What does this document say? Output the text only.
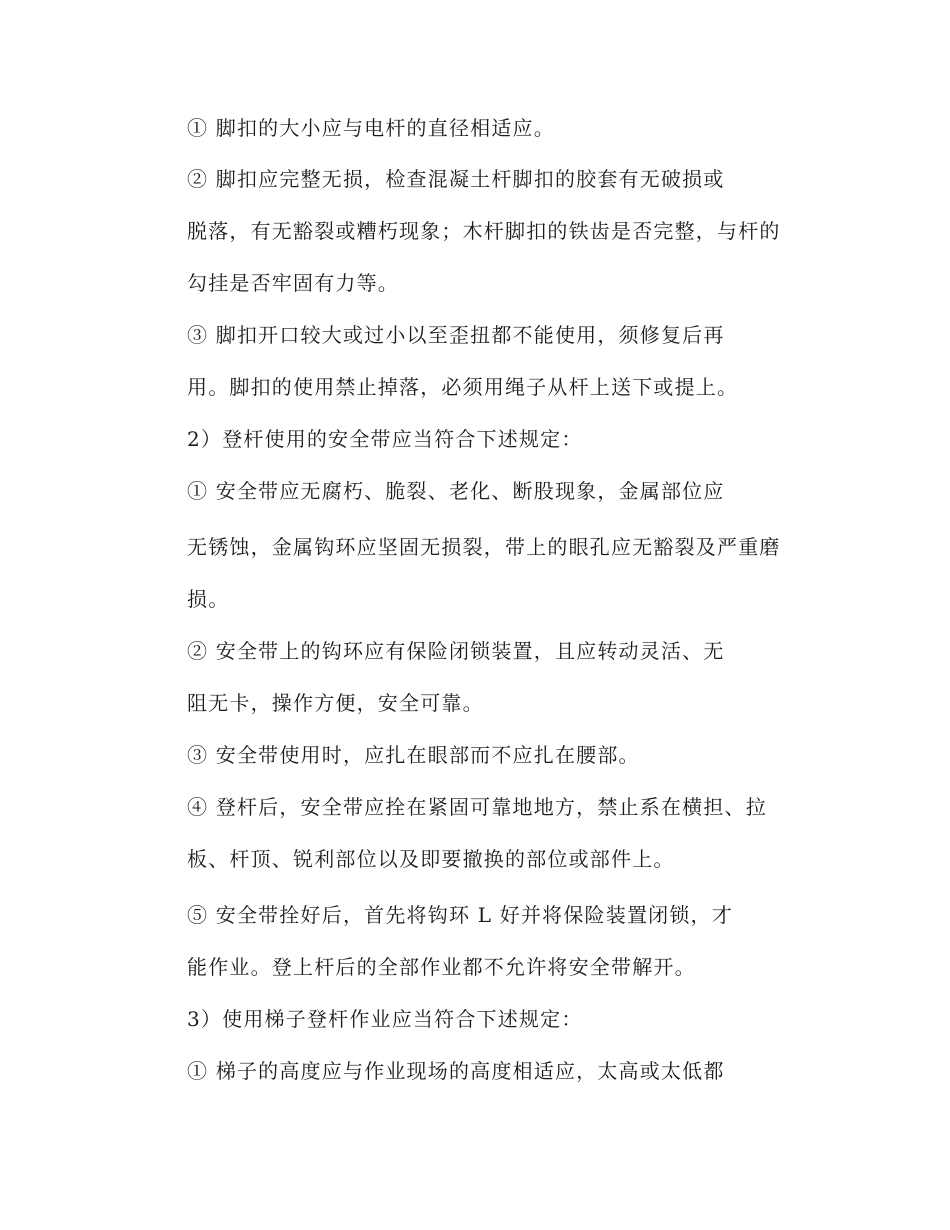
① 脚扣的大小应与电杆的直径相适应。
② 脚扣应完整无损，检查混凝土杆脚扣的胶套有无破损或
脱落，有无豁裂或糟朽现象；木杆脚扣的铁齿是否完整，与杆的
勾挂是否牢固有力等。
③ 脚扣开口较大或过小以至歪扭都不能使用，须修复后再
用。脚扣的使用禁止掉落，必须用绳子从杆上送下或提上。
2）登杆使用的安全带应当符合下述规定：
① 安全带应无腐朽、脆裂、老化、断股现象，金属部位应
无锈蚀，金属钩环应坚固无损裂，带上的眼孔应无豁裂及严重磨
损。
② 安全带上的钩环应有保险闭锁装置，且应转动灵活、无
阻无卡，操作方便，安全可靠。
③ 安全带使用时，应扎在眼部而不应扎在腰部。
④ 登杆后，安全带应拴在紧固可靠地地方，禁止系在横担、拉
板、杆顶、锐利部位以及即要撤换的部位或部件上。
⑤ 安全带拴好后，首先将钩环 L 好并将保险装置闭锁，才
能作业。登上杆后的全部作业都不允许将安全带解开。
3）使用梯子登杆作业应当符合下述规定：
① 梯子的高度应与作业现场的高度相适应，太高或太低都
